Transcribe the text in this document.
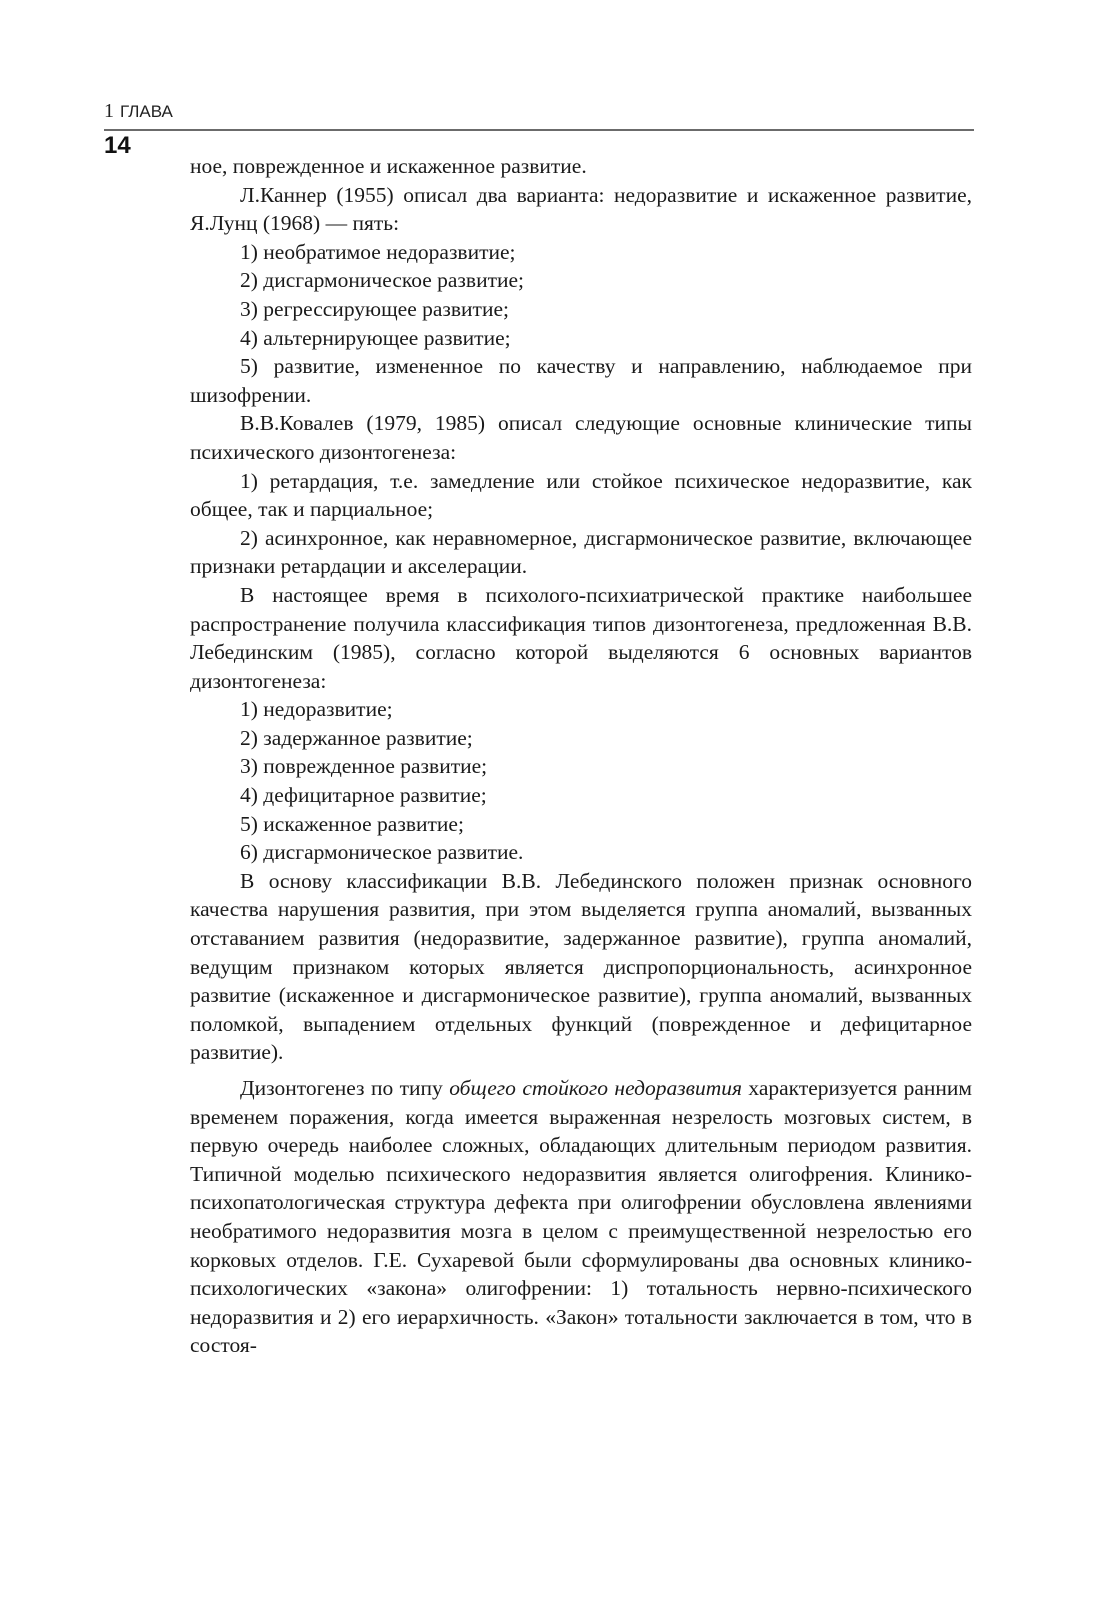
1 ГЛАВА
14

ное, поврежденное и искаженное развитие.

Л.Каннер (1955) описал два варианта: недоразвитие и искаженное развитие, Я.Лунц (1968) — пять:

1) необратимое недоразвитие;

2) дисгармоническое развитие;

3) регрессирующее развитие;

4) альтернирующее развитие;

5) развитие, измененное по качеству и направлению, наблюдаемое при шизофрении.

В.В.Ковалев (1979, 1985) описал следующие основные клинические типы психического дизонтогенеза:

1) ретардация, т.е. замедление или стойкое психическое недоразвитие, как общее, так и парциальное;

2) асинхронное, как неравномерное, дисгармоническое развитие, включающее признаки ретардации и акселерации.

В настоящее время в психолого-психиатрической практике наибольшее распространение получила классификация типов дизонтогенеза, предложенная В.В. Лебединским (1985), согласно которой выделяются 6 основных вариантов дизонтогенеза:

1) недоразвитие;

2) задержанное развитие;

3) поврежденное развитие;

4) дефицитарное развитие;

5) искаженное развитие;

6) дисгармоническое развитие.

В основу классификации В.В. Лебединского положен признак основного качества нарушения развития, при этом выделяется группа аномалий, вызванных отставанием развития (недоразвитие, задержанное развитие), группа аномалий, ведущим признаком которых является диспропорциональность, асинхронное развитие (искаженное и дисгармоническое развитие), группа аномалий, вызванных поломкой, выпадением отдельных функций (поврежденное и дефицитарное развитие).

Дизонтогенез по типу общего стойкого недоразвития характеризуется ранним временем поражения, когда имеется выраженная незрелость мозговых систем, в первую очередь наиболее сложных, обладающих длительным периодом развития. Типичной моделью психического недоразвития является олигофрения. Клинико-психопатологическая структура дефекта при олигофрении обусловлена явлениями необратимого недоразвития мозга в целом с преимущественной незрелостью его корковых отделов. Г.Е. Сухаревой были сформулированы два основных клинико-психологических «закона» олигофрении: 1) тотальность нервно-психического недоразвития и 2) его иерархичность. «Закон» тотальности заключается в том, что в состоя-
